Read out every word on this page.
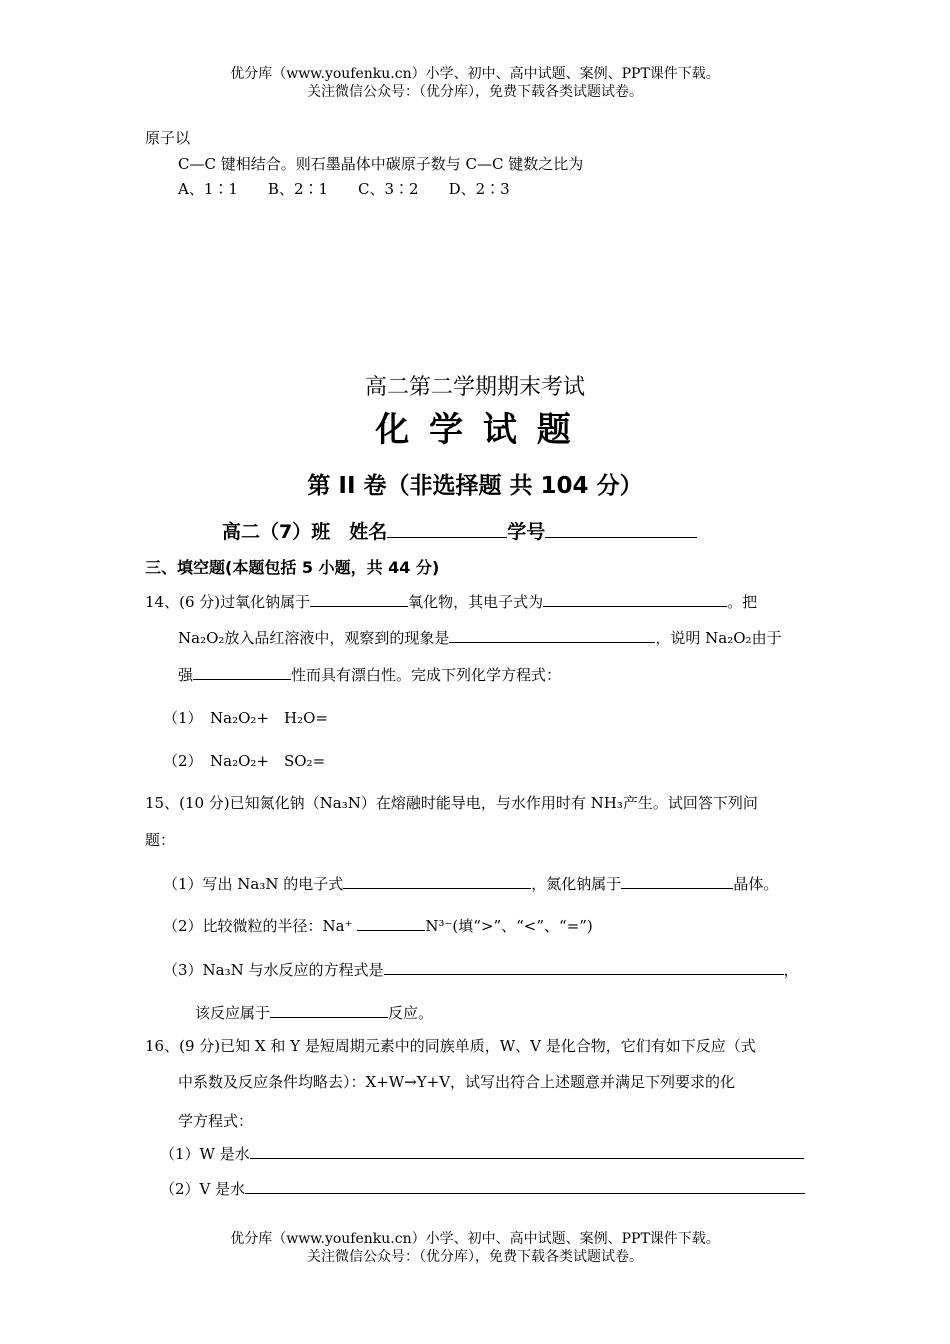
优分库（www.youfenku.cn）小学、初中、高中试题、案例、PPT课件下载。
关注微信公众号：（优分库），免费下载各类试题试卷。
原子以
C—C 键相结合。则石墨晶体中碳原子数与 C—C 键数之比为
A、1∶1　　B、2∶1　　C、3∶2　　D、2∶3
高二第二学期期末考试
化 学 试 题
第 II 卷（非选择题 共 104 分）
高二（7）班　姓名	学号
三、填空题(本题包括 5 小题，共 44 分)
14、(6 分)过氧化钠属于	氧化物，其电子式为	。把
Na₂O₂放入品红溶液中，观察到的现象是	，说明 Na₂O₂由于
强	性而具有漂白性。完成下列化学方程式：
（1）　Na₂O₂+　H₂O=
（2）　Na₂O₂+　SO₂=
15、(10 分)已知氮化钠（Na₃N）在熔融时能导电，与水作用时有 NH₃产生。试回答下列问
题：
（1）写出 Na₃N 的电子式	，氮化钠属于	晶体。
（2）比较微粒的半径：Na⁺	N³⁻(填“>”、“<”、“=”)
（3）Na₃N 与水反应的方程式是	，
该反应属于	反应。
16、(9 分)已知 X 和 Y 是短周期元素中的同族单质，W、V 是化合物，它们有如下反应（式
中系数及反应条件均略去）：X+W→Y+V，试写出符合上述题意并满足下列要求的化
学方程式：
（1）W 是水
（2）V 是水
优分库（www.youfenku.cn）小学、初中、高中试题、案例、PPT课件下载。
关注微信公众号：（优分库），免费下载各类试题试卷。
